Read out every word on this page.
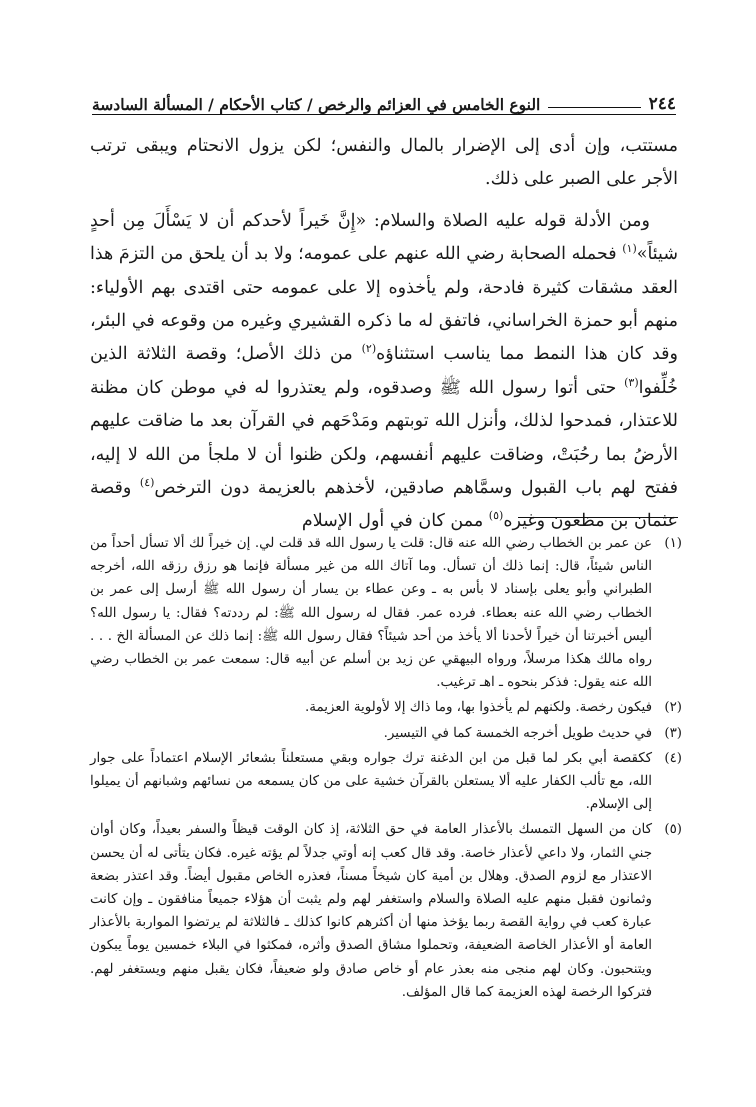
٢٤٤
النوع الخامس في العزائم والرخص / كتاب الأحكام / المسألة السادسة

مستتب، وإن أدى إلى الإضرار بالمال والنفس؛ لكن يزول الانحتام ويبقى ترتب الأجر على الصبر على ذلك.

ومن الأدلة قوله عليه الصلاة والسلام: «إِنَّ خَيراً لأحدكم أن لا يَسْأَلَ مِن أحدٍ شيئاً»$^{(١)}$ فحمله الصحابة رضي الله عنهم على عمومه؛ ولا بد أن يلحق من التزمَ هذا العقد مشقات كثيرة فادحة، ولم يأخذوه إلا على عمومه حتى اقتدى بهم الأولياء: منهم أبو حمزة الخراساني، فاتفق له ما ذكره القشيري وغيره من وقوعه في البئر، وقد كان هذا النمط مما يناسب استثناؤه$^{(٢)}$ من ذلك الأصل؛ وقصة الثلاثة الذين خُلِّفوا$^{(٣)}$ حتى أتوا رسول الله ﷺ وصدقوه، ولم يعتذروا له في موطن كان مظنة للاعتذار، فمدحوا لذلك، وأنزل الله توبتهم ومَدْحَهم في القرآن بعد ما ضاقت عليهم الأرضُ بما رحُبَتْ، وضاقت عليهم أنفسهم، ولكن ظنوا أن لا ملجأ من الله لا إليه، ففتح لهم باب القبول وسمَّاهم صادقين، لأخذهم بالعزيمة دون الترخص$^{(٤)}$ وقصة عثمان بن مظعون وغيره$^{(٥)}$ ممن كان في أول الإسلام

(١)
عن عمر بن الخطاب رضي الله عنه قال: قلت يا رسول الله قد قلت لي. إن خيراً لك ألا تسأل أحداً من الناس شيئاً، قال: إنما ذلك أن تسأل. وما آتاك الله من غير مسألة فإنما هو رزق رزقه الله، أخرجه الطبراني وأبو يعلى بإسناد لا بأس به ـ وعن عطاء بن يسار أن رسول الله ﷺ أرسل إلى عمر بن الخطاب رضي الله عنه بعطاء. فرده عمر. فقال له رسول الله ﷺ: لم رددته؟ فقال: يا رسول الله؟ أليس أخبرتنا أن خيراً لأحدنا ألا يأخذ من أحد شيئاً؟ فقال رسول الله ﷺ: إنما ذلك عن المسألة الخ . . . رواه مالك هكذا مرسلاً، ورواه البيهقي عن زيد بن أسلم عن أبيه قال: سمعت عمر بن الخطاب رضي الله عنه يقول: فذكر بنحوه ـ اهـ ترغيب.
(٢)
فيكون رخصة. ولكنهم لم يأخذوا بها، وما ذاك إلا لأولوية العزيمة.
(٣)
في حديث طويل أخرجه الخمسة كما في التيسير.
(٤)
ككقصة أبي بكر لما قبل من ابن الدغنة ترك جواره وبقي مستعلناً بشعائر الإسلام اعتماداً على جوار الله، مع تألب الكفار عليه ألا يستعلن بالقرآن خشية على من كان يسمعه من نسائهم وشبانهم أن يميلوا إلى الإسلام.
(٥)
كان من السهل التمسك بالأعذار العامة في حق الثلاثة، إذ كان الوقت قيظاً والسفر بعيداً، وكان أوان جني الثمار، ولا داعي لأعذار خاصة. وقد قال كعب إنه أوتي جدلاً لم يؤته غيره. فكان يتأتى له أن يحسن الاعتذار مع لزوم الصدق. وهلال بن أمية كان شيخاً مسناً، فعذره الخاص مقبول أيضاً. وقد اعتذر بضعة وثمانون فقبل منهم عليه الصلاة والسلام واستغفر لهم ولم يثبت أن هؤلاء جميعاً منافقون ـ وإن كانت عبارة كعب في رواية القصة ربما يؤخذ منها أن أكثرهم كانوا كذلك ـ فالثلاثة لم يرتضوا المواربة بالأعذار العامة أو الأعذار الخاصة الضعيفة، وتحملوا مشاق الصدق وأثره، فمكثوا في البلاء خمسين يوماً يبكون ويتنحبون. وكان لهم منجى منه بعذر عام أو خاص صادق ولو ضعيفاً، فكان يقبل منهم ويستغفر لهم. فتركوا الرخصة لهذه العزيمة كما قال المؤلف.
